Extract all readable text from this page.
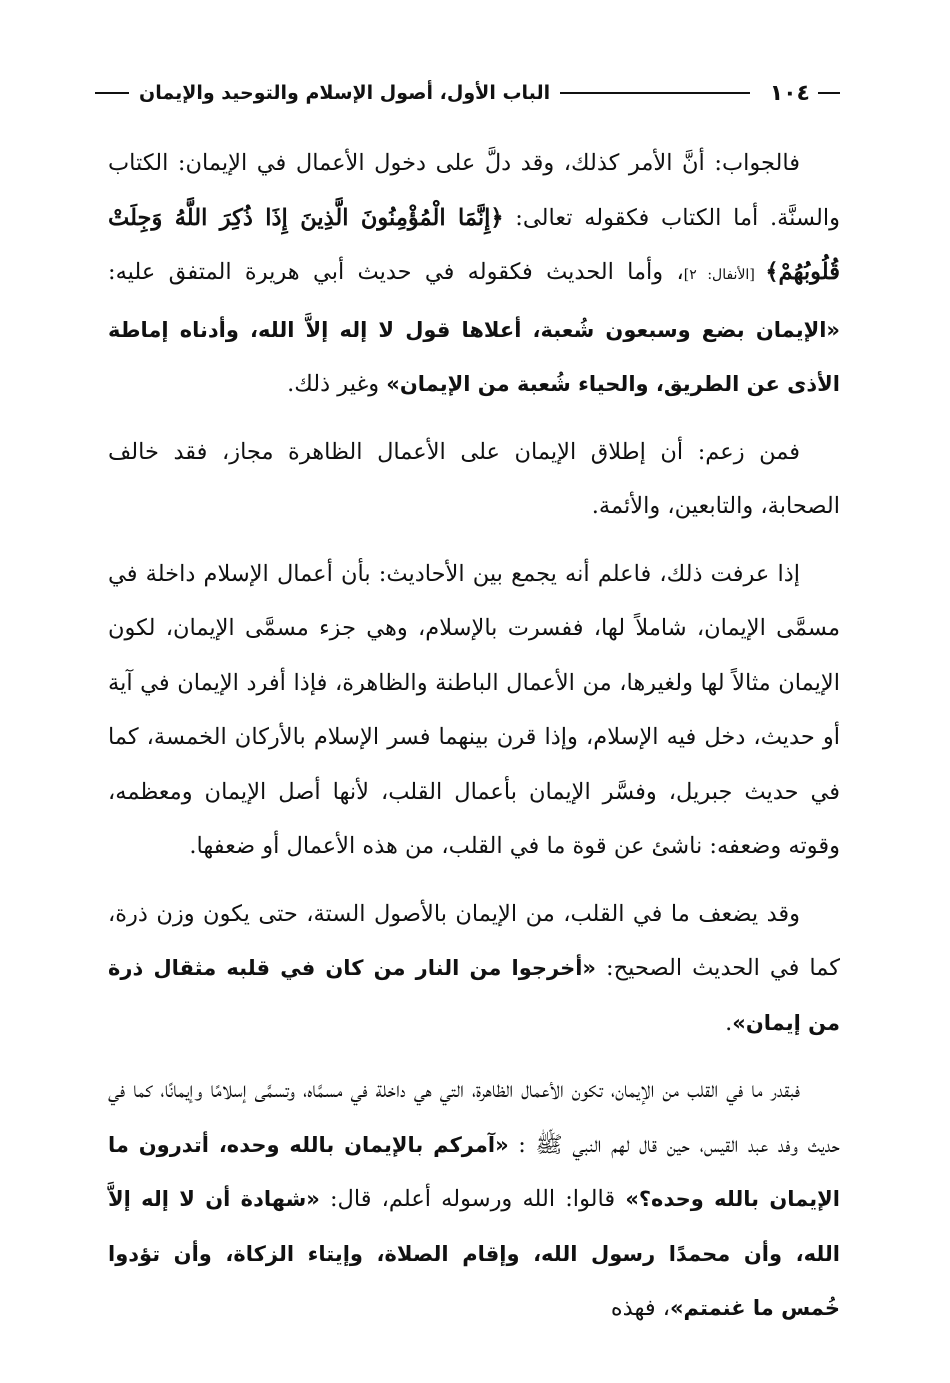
١٠٤
الباب الأول، أصول الإسلام والتوحيد والإيمان

فالجواب: أنَّ الأمر كذلك، وقد دلَّ على دخول الأعمال في الإيمان: الكتاب والسنَّة. أما الكتاب فكقوله تعالى: ﴿إِنَّمَا الْمُؤْمِنُونَ الَّذِينَ إِذَا ذُكِرَ اللَّهُ وَجِلَتْ قُلُوبُهُمْ﴾ [الأنفال: ٢]، وأما الحديث فكقوله في حديث أبي هريرة المتفق عليه: «الإيمان بضع وسبعون شُعبة، أعلاها قول لا إله إلاَّ الله، وأدناه إماطة الأذى عن الطريق، والحياء شُعبة من الإيمان» وغير ذلك.

فمن زعم: أن إطلاق الإيمان على الأعمال الظاهرة مجاز، فقد خالف الصحابة، والتابعين، والأئمة.

إذا عرفت ذلك، فاعلم أنه يجمع بين الأحاديث: بأن أعمال الإسلام داخلة في مسمَّى الإيمان، شاملاً لها، ففسرت بالإسلام، وهي جزء مسمَّى الإيمان، لكون الإيمان مثالاً لها ولغيرها، من الأعمال الباطنة والظاهرة، فإذا أفرد الإيمان في آية أو حديث، دخل فيه الإسلام، وإذا قرن بينهما فسر الإسلام بالأركان الخمسة، كما في حديث جبريل، وفسَّر الإيمان بأعمال القلب، لأنها أصل الإيمان ومعظمه، وقوته وضعفه: ناشئ عن قوة ما في القلب، من هذه الأعمال أو ضعفها.

وقد يضعف ما في القلب، من الإيمان بالأصول الستة، حتى يكون وزن ذرة، كما في الحديث الصحيح: «أخرجوا من النار من كان في قلبه مثقال ذرة من إيمان».

فبقدر ما في القلب من الإيمان، تكون الأعمال الظاهرة، التي هي داخلة في مسمَّاه، وتسمَّى إسلامًا وإيمانًا، كما في حديث وفد عبد القيس، حين قال لهم النبي ﷺ : «آمركم بالإيمان بالله وحده، أتدرون ما الإيمان بالله وحده؟» قالوا: الله ورسوله أعلم، قال: «شهادة أن لا إله إلاَّ الله، وأن محمدًا رسول الله، وإقام الصلاة، وإيتاء الزكاة، وأن تؤدوا خُمس ما غنمتم»، فهذه
